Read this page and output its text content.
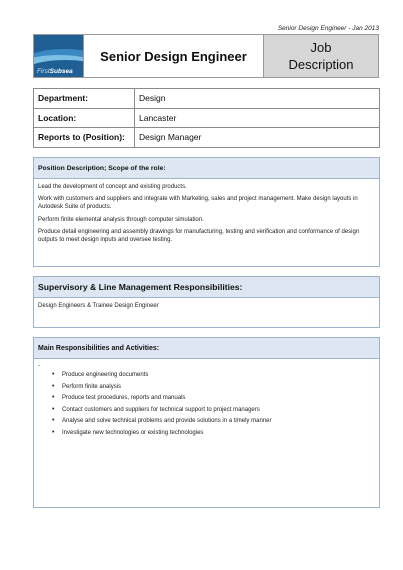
Senior Design Engineer - Jan 2013
FirstSubsea
Senior Design Engineer
Job
Description
Department:	Design
Location:	Lancaster
Reports to (Position):	Design Manager
Position Description; Scope of the role:

Lead the development of concept and existing products.

Work with customers and suppliers and integrate with Marketing, sales and project management. Make design layouts in Autodesk Suite of products.

Perform finite elemental analysis through computer simulation.

Produce detail engineering and assembly drawings for manufacturing, testing and verification and conformance of design outputs to meet design inputs and oversee testing.

Supervisory & Line Management Responsibilities:

Design Engineers & Trainee Design Engineer

Main Responsibilities and Activities:
-
•	Produce engineering documents
•	Perform finite analysis
•	Produce test procedures, reports and manuals
•	Contact customers and suppliers for technical support to project managers
•	Analyse and solve technical problems and provide solutions in a timely manner
•	Investigate new technologies or existing technologies
